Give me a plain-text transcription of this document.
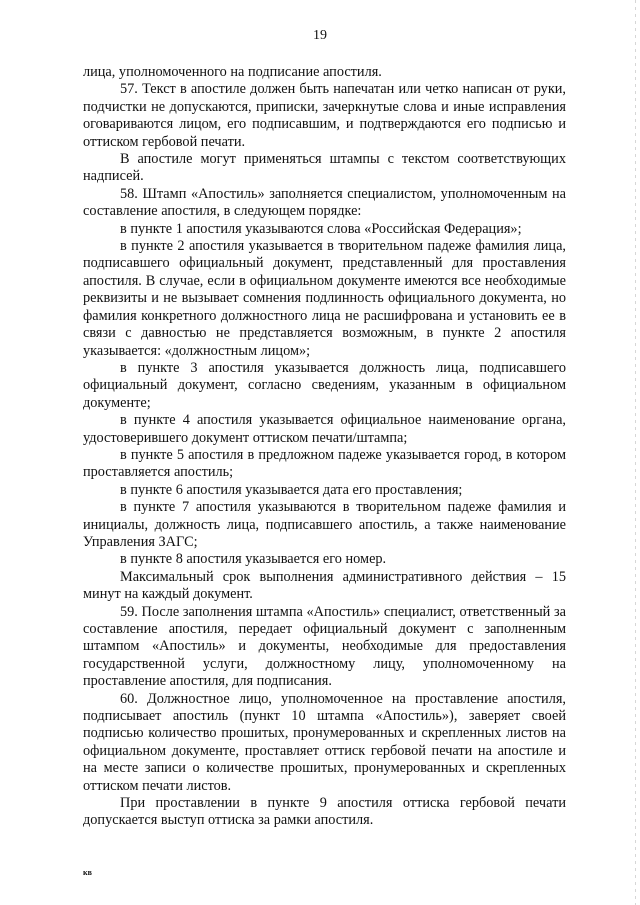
19

лица, уполномоченного на подписание апостиля.

57. Текст в апостиле должен быть напечатан или четко написан от руки, подчистки не допускаются, приписки, зачеркнутые слова и иные исправления оговариваются лицом, его подписавшим, и подтверждаются его подписью и оттиском гербовой печати.

В апостиле могут применяться штампы с текстом соответствующих надписей.

58. Штамп «Апостиль» заполняется специалистом, уполномоченным на составление апостиля, в следующем порядке:

в пункте 1 апостиля указываются слова «Российская Федерация»;

в пункте 2 апостиля указывается в творительном падеже фамилия лица, подписавшего официальный документ, представленный для проставления апостиля. В случае, если в официальном документе имеются все необходимые реквизиты и не вызывает сомнения подлинность официального документа, но фамилия конкретного должностного лица не расшифрована и установить ее в связи с давностью не представляется возможным, в пункте 2 апостиля указывается: «должностным лицом»;

в пункте 3 апостиля указывается должность лица, подписавшего официальный документ, согласно сведениям, указанным в официальном документе;

в пункте 4 апостиля указывается официальное наименование органа, удостоверившего документ оттиском печати/штампа;

в пункте 5 апостиля в предложном падеже указывается город, в котором проставляется апостиль;

в пункте 6 апостиля указывается дата его проставления;

в пункте 7 апостиля указываются в творительном падеже фамилия и инициалы, должность лица, подписавшего апостиль, а также наименование Управления ЗАГС;

в пункте 8 апостиля указывается его номер.

Максимальный срок выполнения административного действия – 15 минут на каждый документ.

59. После заполнения штампа «Апостиль» специалист, ответственный за составление апостиля, передает официальный документ с заполненным штампом «Апостиль» и документы, необходимые для предоставления государственной услуги, должностному лицу, уполномоченному на проставление апостиля, для подписания.

60. Должностное лицо, уполномоченное на проставление апостиля, подписывает апостиль (пункт 10 штампа «Апостиль»), заверяет своей подписью количество прошитых, пронумерованных и скрепленных листов на официальном документе, проставляет оттиск гербовой печати на апостиле и на месте записи о количестве прошитых, пронумерованных и скрепленных оттиском печати листов.

При проставлении в пункте 9 апостиля оттиска гербовой печати допускается выступ оттиска за рамки апостиля.

кв
